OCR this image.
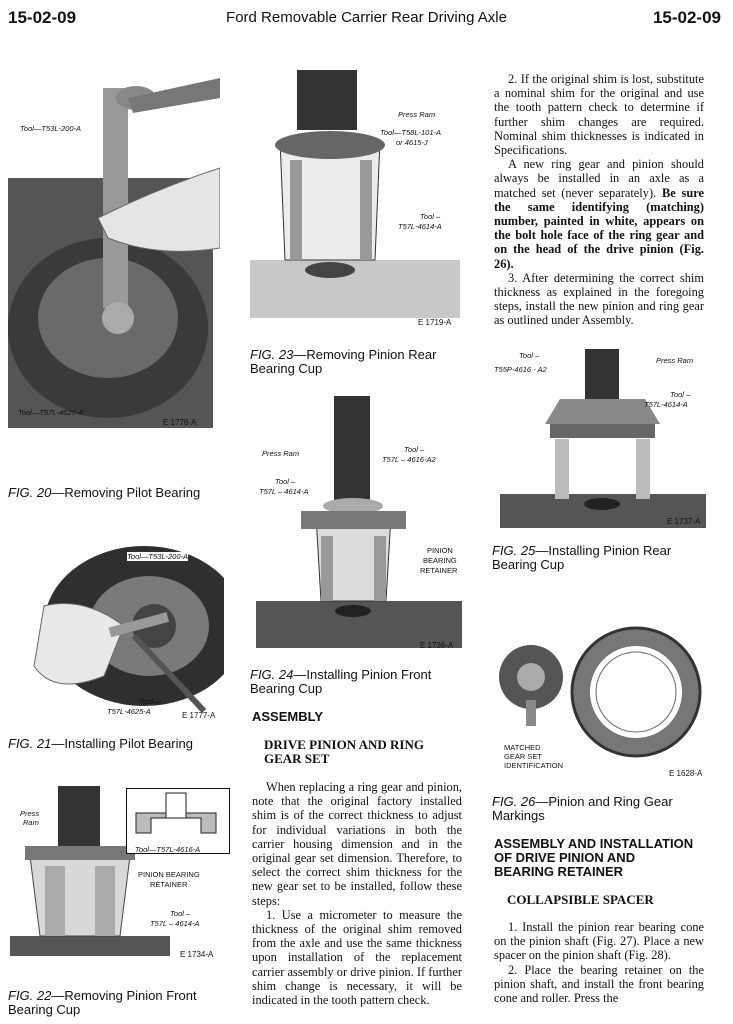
15-02-09	Ford Removable Carrier Rear Driving Axle	15-02-09
Tool—T53L-200-A
Tool—T57L-4625-A
E 1778-A
FIG. 20—Removing Pilot Bearing
Tool—T53L-200-A
Tool—
T57L-4625-A	E 1777-A
FIG. 21—Installing Pilot Bearing
Press
Ram
Tool—T57L-4616-A
PINION BEARING
RETAINER
Tool –
T57L – 4614-A
E 1734-A
FIG. 22—Removing Pinion Front Bearing Cup
Press Ram
Tool—T58L-101-A
or 4615-J
Tool –
T57L-4614-A
E 1719-A
FIG. 23—Removing Pinion Rear Bearing Cup
Press Ram	Tool –
T57L – 4616-A2
Tool –
T57L – 4614-A
PINION
BEARING
RETAINER
E 1736-A
FIG. 24—Installing Pinion Front Bearing Cup
ASSEMBLY
DRIVE PINION AND RING
GEAR SET

When replacing a ring gear and pinion, note that the original factory installed shim is of the correct thickness to adjust for individual variations in both the carrier housing dimension and in the original gear set dimension. Therefore, to select the correct shim thickness for the new gear set to be installed, follow these steps:

1. Use a micrometer to measure the thickness of the original shim removed from the axle and use the same thickness upon installation of the replacement carrier assembly or drive pinion. If further shim change is necessary, it will be indicated in the tooth pattern check.

2. If the original shim is lost, substitute a nominal shim for the original and use the tooth pattern check to determine if further shim changes are required. Nominal shim thicknesses is indicated in Specifications.

A new ring gear and pinion should always be installed in an axle as a matched set (never separately). Be sure the same identifying (matching) number, painted in white, appears on the bolt hole face of the ring gear and on the head of the drive pinion (Fig. 26).

3. After determining the correct shim thickness as explained in the foregoing steps, install the new pinion and ring gear as outlined under Assembly.

Tool –
T55P-4616 - A2
Press Ram
Tool –
T57L-4614-A
E 1737-A
FIG. 25—Installing Pinion Rear Bearing Cup
MATCHED
GEAR SET
IDENTIFICATION
E 1628-A
FIG. 26—Pinion and Ring Gear Markings
ASSEMBLY AND INSTALLATION
OF DRIVE PINION AND
BEARING RETAINER
COLLAPSIBLE SPACER

1. Install the pinion rear bearing cone on the pinion shaft (Fig. 27). Place a new spacer on the pinion shaft (Fig. 28).

2. Place the bearing retainer on the pinion shaft, and install the front bearing cone and roller. Press the
